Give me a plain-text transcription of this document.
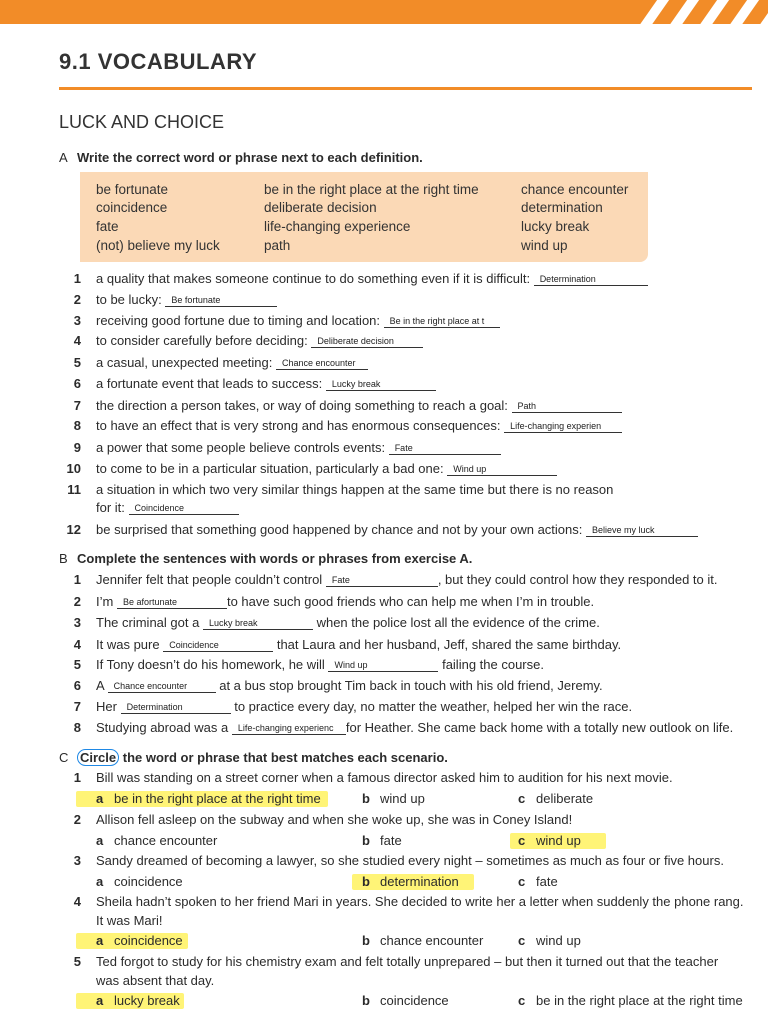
9.1 VOCABULARY
LUCK AND CHOICE
A Write the correct word or phrase next to each definition.
be fortunate	be in the right place at the right time	chance encounter
coincidence	deliberate decision	determination
fate	life-changing experience	lucky break
(not) believe my luck	path	wind up
1 a quality that makes someone continue to do something even if it is difficult: Determination
2 to be lucky: Be fortunate
3 receiving good fortune due to timing and location: Be in the right place at t
4 to consider carefully before deciding: Deliberate decision
5 a casual, unexpected meeting: Chance encounter
6 a fortunate event that leads to success: Lucky break
7 the direction a person takes, or way of doing something to reach a goal: Path
8 to have an effect that is very strong and has enormous consequences: Life-changing experien
9 a power that some people believe controls events: Fate
10 to come to be in a particular situation, particularly a bad one: Wind up
11 a situation in which two very similar things happen at the same time but there is no reason
for it: Coincidence
12 be surprised that something good happened by chance and not by your own actions: Believe my luck
B Complete the sentences with words or phrases from exercise A.
1 Jennifer felt that people couldn’t control Fate	, but they could control how they responded to it.
2 I’m Be afortunate	to have such good friends who can help me when I’m in trouble.
3 The criminal got a Lucky break	when the police lost all the evidence of the crime.
4 It was pure Coincidence	that Laura and her husband, Jeff, shared the same birthday.
5 If Tony doesn’t do his homework, he will Wind up	failing the course.
6 A Chance encounter at a bus stop brought Tim back in touch with his old friend, Jeremy.
7 Her Determination	to practice every day, no matter the weather, helped her win the race.
8 Studying abroad was a Life-changing experienc for Heather. She came back home with a totally new outlook on life.
C Circle the word or phrase that best matches each scenario.
1 Bill was standing on a street corner when a famous director asked him to audition for his next movie.
a be in the right place at the right time	b wind up	c deliberate
2 Allison fell asleep on the subway and when she woke up, she was in Coney Island!
a chance encounter	b fate	c wind up
3 Sandy dreamed of becoming a lawyer, so she studied every night – sometimes as much as four or five hours.
a coincidence	b determination	c fate
4 Sheila hadn’t spoken to her friend Mari in years. She decided to write her a letter when suddenly the phone rang.
It was Mari!
a coincidence	b chance encounter	c wind up
5 Ted forgot to study for his chemistry exam and felt totally unprepared – but then it turned out that the teacher
was absent that day.
a lucky break	b coincidence	c be in the right place at the right time
